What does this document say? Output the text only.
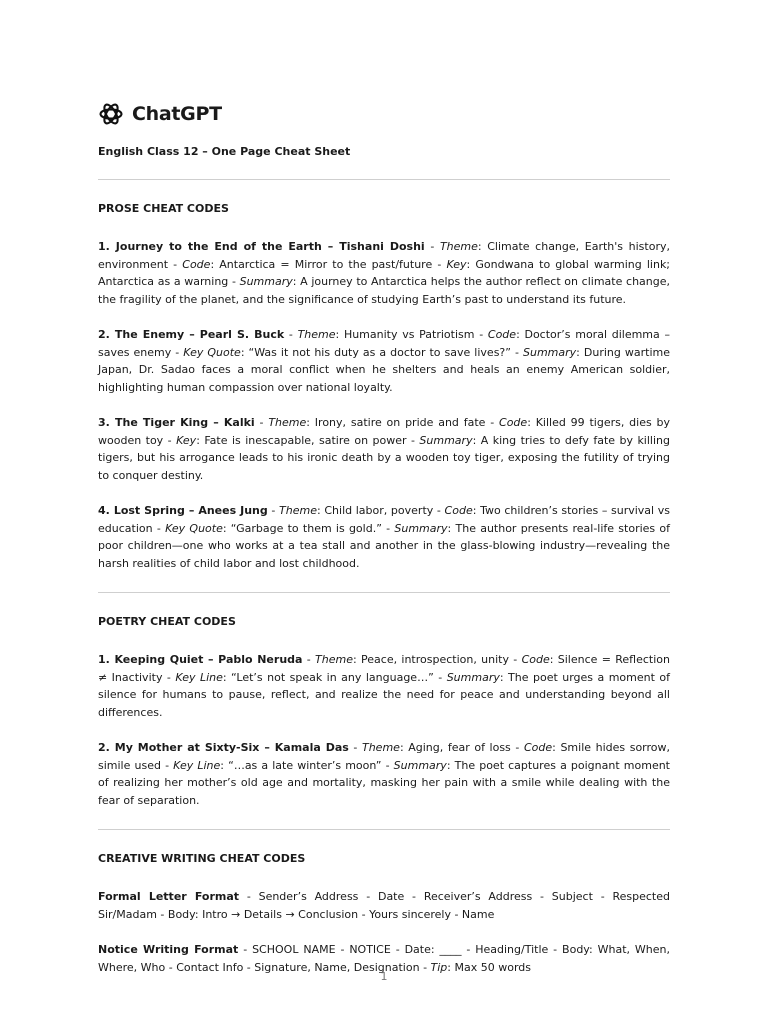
ChatGPT
English Class 12 – One Page Cheat Sheet
PROSE CHEAT CODES

1. Journey to the End of the Earth – Tishani Doshi - Theme: Climate change, Earth's history, environment - Code: Antarctica = Mirror to the past/future - Key: Gondwana to global warming link; Antarctica as a warning - Summary: A journey to Antarctica helps the author reflect on climate change, the fragility of the planet, and the significance of studying Earth’s past to understand its future.

2. The Enemy – Pearl S. Buck - Theme: Humanity vs Patriotism - Code: Doctor’s moral dilemma – saves enemy - Key Quote: “Was it not his duty as a doctor to save lives?” - Summary: During wartime Japan, Dr. Sadao faces a moral conflict when he shelters and heals an enemy American soldier, highlighting human compassion over national loyalty.

3. The Tiger King – Kalki - Theme: Irony, satire on pride and fate - Code: Killed 99 tigers, dies by wooden toy - Key: Fate is inescapable, satire on power - Summary: A king tries to defy fate by killing tigers, but his arrogance leads to his ironic death by a wooden toy tiger, exposing the futility of trying to conquer destiny.

4. Lost Spring – Anees Jung - Theme: Child labor, poverty - Code: Two children’s stories – survival vs education - Key Quote: “Garbage to them is gold.” - Summary: The author presents real-life stories of poor children—one who works at a tea stall and another in the glass-blowing industry—revealing the harsh realities of child labor and lost childhood.

POETRY CHEAT CODES

1. Keeping Quiet – Pablo Neruda - Theme: Peace, introspection, unity - Code: Silence = Reflection ≠ Inactivity - Key Line: “Let’s not speak in any language…” - Summary: The poet urges a moment of silence for humans to pause, reflect, and realize the need for peace and understanding beyond all differences.

2. My Mother at Sixty-Six – Kamala Das - Theme: Aging, fear of loss - Code: Smile hides sorrow, simile used - Key Line: “…as a late winter’s moon” - Summary: The poet captures a poignant moment of realizing her mother’s old age and mortality, masking her pain with a smile while dealing with the fear of separation.

CREATIVE WRITING CHEAT CODES

Formal Letter Format - Sender’s Address - Date - Receiver’s Address - Subject - Respected Sir/Madam - Body: Intro → Details → Conclusion - Yours sincerely - Name

Notice Writing Format - SCHOOL NAME - NOTICE - Date: ____ - Heading/Title - Body: What, When, Where, Who - Contact Info - Signature, Name, Designation - Tip: Max 50 words

1
